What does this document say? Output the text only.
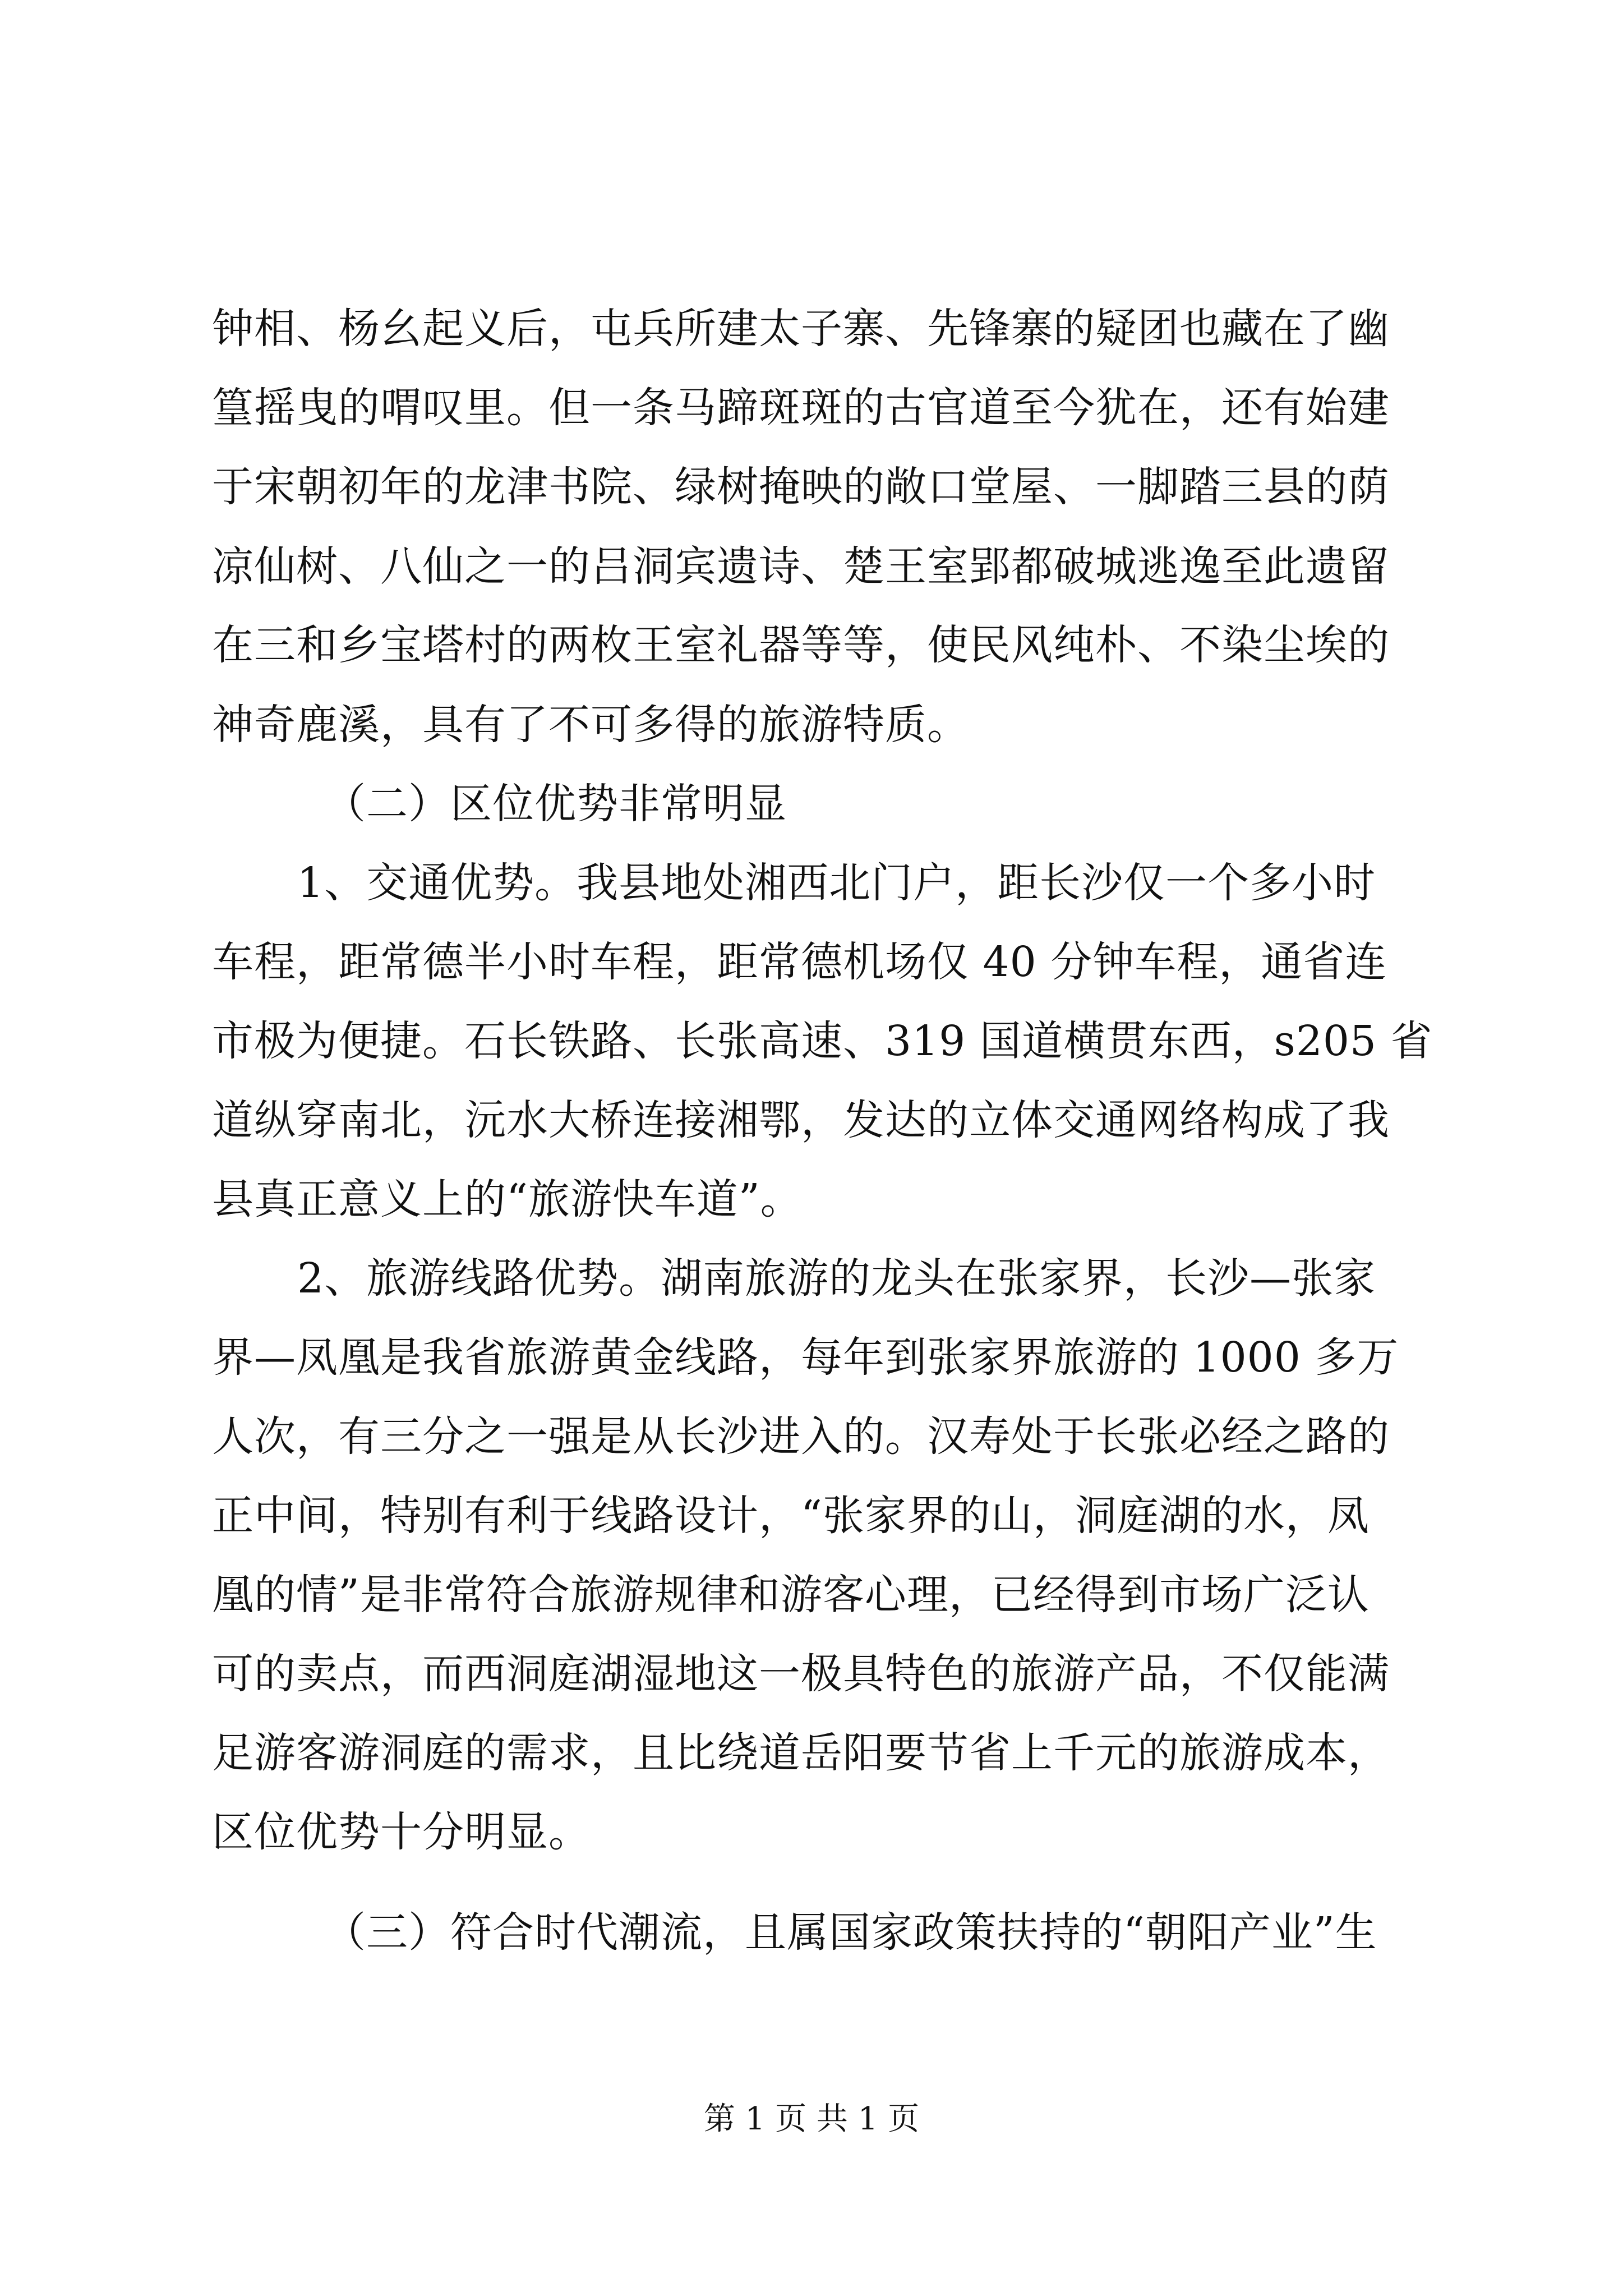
钟相、杨幺起义后，屯兵所建太子寨、先锋寨的疑团也藏在了幽
篁摇曳的喟叹里。但一条马蹄斑斑的古官道至今犹在，还有始建
于宋朝初年的龙津书院、绿树掩映的敞口堂屋、一脚踏三县的荫
凉仙树、八仙之一的吕洞宾遗诗、楚王室郢都破城逃逸至此遗留
在三和乡宝塔村的两枚王室礼器等等，使民风纯朴、不染尘埃的
神奇鹿溪，具有了不可多得的旅游特质。
（二）区位优势非常明显
1、交通优势。我县地处湘西北门户，距长沙仅一个多小时
车程，距常德半小时车程，距常德机场仅 40 分钟车程，通省连
市极为便捷。石长铁路、长张高速、319 国道横贯东西，s205 省
道纵穿南北，沅水大桥连接湘鄂，发达的立体交通网络构成了我
县真正意义上的“旅游快车道”。
2、旅游线路优势。湖南旅游的龙头在张家界，长沙—张家
界—凤凰是我省旅游黄金线路，每年到张家界旅游的 1000 多万
人次，有三分之一强是从长沙进入的。汉寿处于长张必经之路的
正中间，特别有利于线路设计，“张家界的山，洞庭湖的水，凤
凰的情”是非常符合旅游规律和游客心理，已经得到市场广泛认
可的卖点，而西洞庭湖湿地这一极具特色的旅游产品，不仅能满
足游客游洞庭的需求，且比绕道岳阳要节省上千元的旅游成本，
区位优势十分明显。
（三）符合时代潮流，且属国家政策扶持的“朝阳产业”生
第 1 页 共 1 页
